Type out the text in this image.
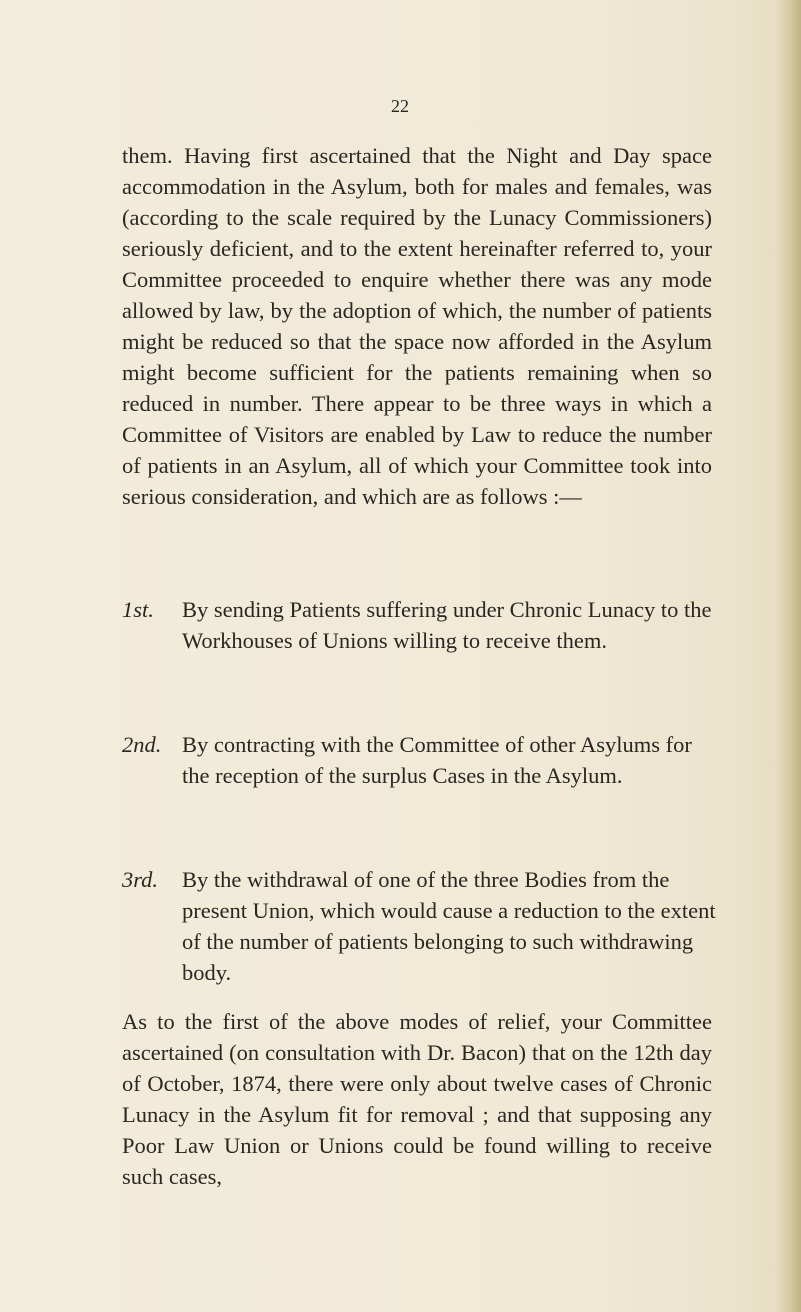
22

them. Having first ascertained that the Night and Day space accommodation in the Asylum, both for males and females, was (according to the scale required by the Lunacy Commissioners) seriously deficient, and to the extent hereinafter referred to, your Committee proceeded to enquire whether there was any mode allowed by law, by the adoption of which, the number of patients might be reduced so that the space now afforded in the Asylum might become sufficient for the patients remaining when so reduced in number. There appear to be three ways in which a Committee of Visitors are enabled by Law to reduce the number of patients in an Asylum, all of which your Committee took into serious consideration, and which are as follows :—

1st.	By sending Patients suffering under Chronic Lunacy to the Workhouses of Unions willing to receive them.

2nd. By contracting with the Committee of other Asylums for the reception of the surplus Cases in the Asylum.

3rd.	By the withdrawal of one of the three Bodies from the present Union, which would cause a reduction to the extent of the number of patients belonging to such withdrawing body.

As to the first of the above modes of relief, your Committee ascertained (on consultation with Dr. Bacon) that on the 12th day of October, 1874, there were only about twelve cases of Chronic Lunacy in the Asylum fit for removal ; and that supposing any Poor Law Union or Unions could be found willing to receive such cases,
